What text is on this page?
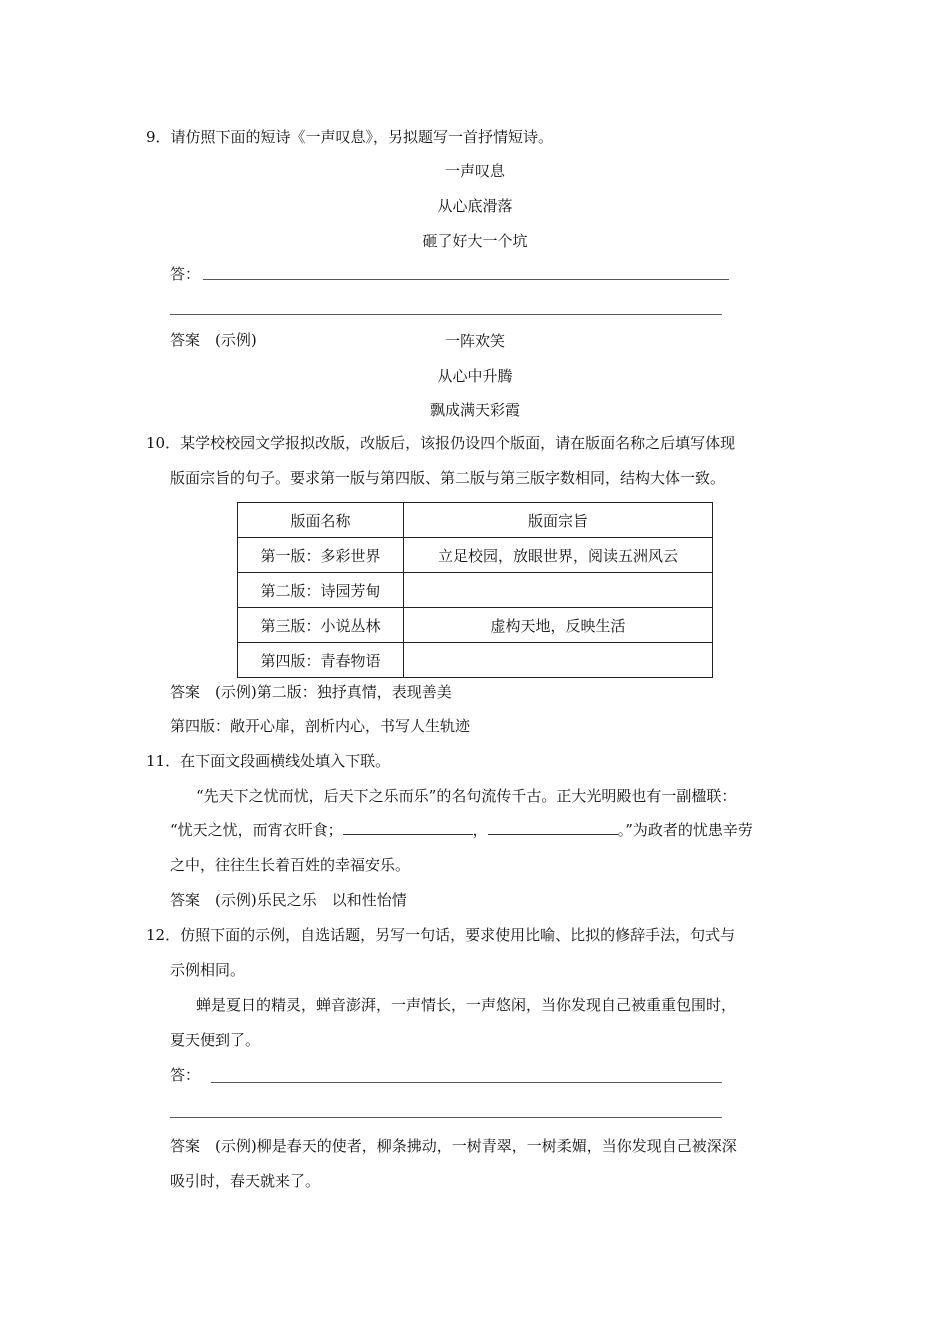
9．请仿照下面的短诗《一声叹息》，另拟题写一首抒情短诗。
一声叹息
从心底滑落
砸了好大一个坑
答：
答案　(示例)	一阵欢笑
从心中升腾
飘成满天彩霞
10．某学校校园文学报拟改版，改版后，该报仍设四个版面，请在版面名称之后填写体现
版面宗旨的句子。要求第一版与第四版、第二版与第三版字数相同，结构大体一致。
版面名称	版面宗旨
第一版：多彩世界	立足校园，放眼世界，阅读五洲风云
第二版：诗园芳甸	
第三版：小说丛林	虚构天地，反映生活
第四版：青春物语	
答案　(示例)第二版：独抒真情，表现善美
第四版：敞开心扉，剖析内心，书写人生轨迹
11．在下面文段画横线处填入下联。
“先天下之忧而忧，后天下之乐而乐”的名句流传千古。正大光明殿也有一副楹联：
“忧天之忧，而宵衣旰食；	，	。”为政者的忧患辛劳
之中，往往生长着百姓的幸福安乐。
答案　(示例)乐民之乐　以和性怡情
12．仿照下面的示例，自选话题，另写一句话，要求使用比喻、比拟的修辞手法，句式与
示例相同。
蝉是夏日的精灵，蝉音澎湃，一声情长，一声悠闲，当你发现自己被重重包围时，
夏天便到了。
答：
答案　(示例)柳是春天的使者，柳条拂动，一树青翠，一树柔媚，当你发现自己被深深
吸引时，春天就来了。
